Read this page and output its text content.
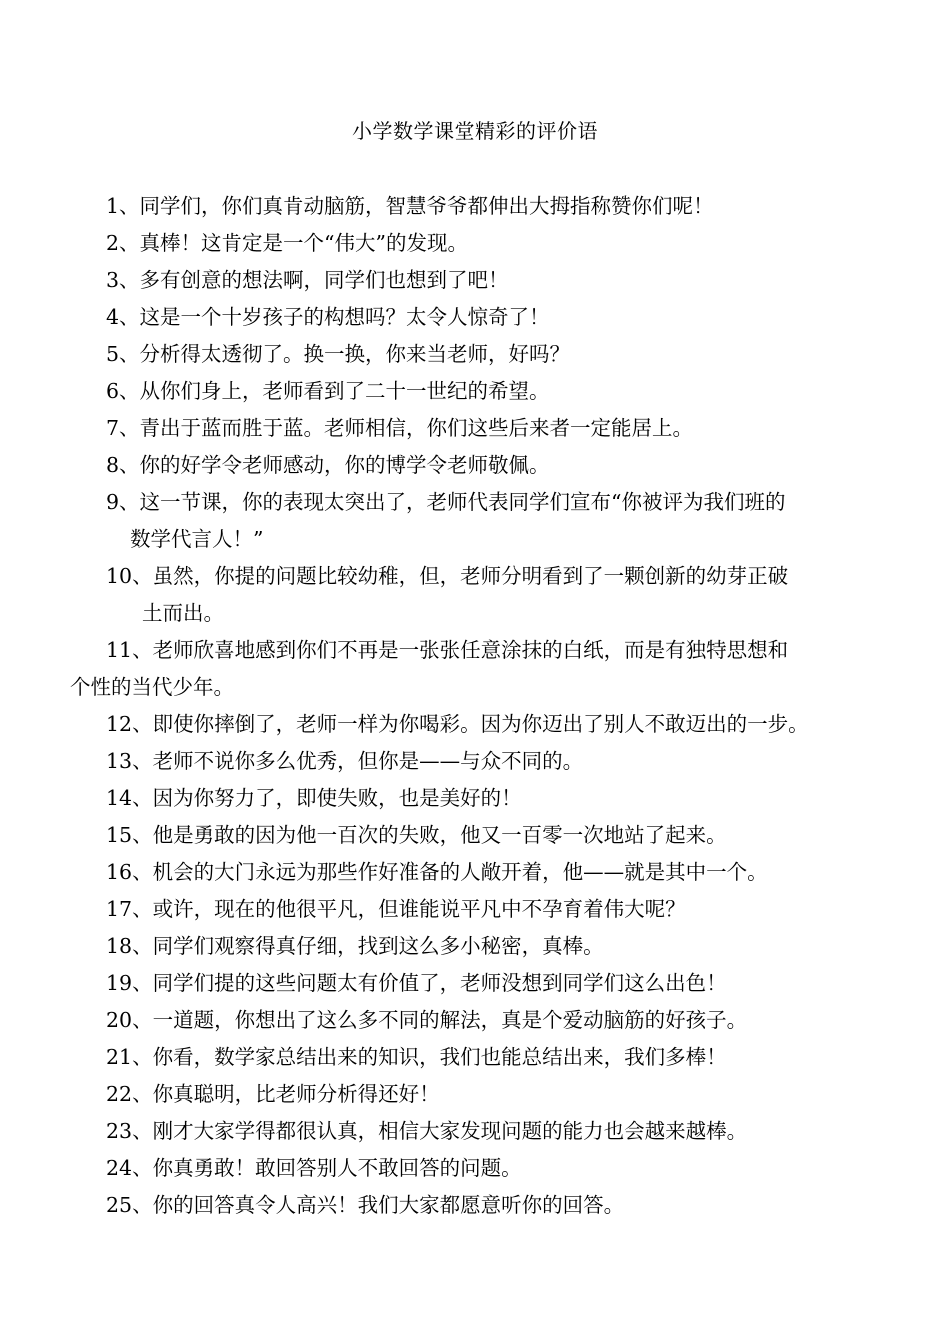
小学数学课堂精彩的评价语
1、同学们，你们真肯动脑筋，智慧爷爷都伸出大拇指称赞你们呢！
2、真棒！这肯定是一个“伟大”的发现。
3、多有创意的想法啊，同学们也想到了吧！
4、这是一个十岁孩子的构想吗？太令人惊奇了！
5、分析得太透彻了。换一换，你来当老师，好吗？
6、从你们身上，老师看到了二十一世纪的希望。
7、青出于蓝而胜于蓝。老师相信，你们这些后来者一定能居上。
8、你的好学令老师感动，你的博学令老师敬佩。
9、这一节课，你的表现太突出了，老师代表同学们宣布“你被评为我们班的
数学代言人！”
10、虽然，你提的问题比较幼稚，但，老师分明看到了一颗创新的幼芽正破
土而出。
11、老师欣喜地感到你们不再是一张张任意涂抹的白纸，而是有独特思想和
个性的当代少年。
12、即使你摔倒了，老师一样为你喝彩。因为你迈出了别人不敢迈出的一步。
13、老师不说你多么优秀，但你是——与众不同的。
14、因为你努力了，即使失败，也是美好的！
15、他是勇敢的因为他一百次的失败，他又一百零一次地站了起来。
16、机会的大门永远为那些作好准备的人敞开着，他——就是其中一个。
17、或许，现在的他很平凡，但谁能说平凡中不孕育着伟大呢？
18、同学们观察得真仔细，找到这么多小秘密，真棒。
19、同学们提的这些问题太有价值了，老师没想到同学们这么出色！
20、一道题，你想出了这么多不同的解法，真是个爱动脑筋的好孩子。
21、你看，数学家总结出来的知识，我们也能总结出来，我们多棒！
22、你真聪明，比老师分析得还好！
23、刚才大家学得都很认真，相信大家发现问题的能力也会越来越棒。
24、你真勇敢！敢回答别人不敢回答的问题。
25、你的回答真令人高兴！我们大家都愿意听你的回答。
